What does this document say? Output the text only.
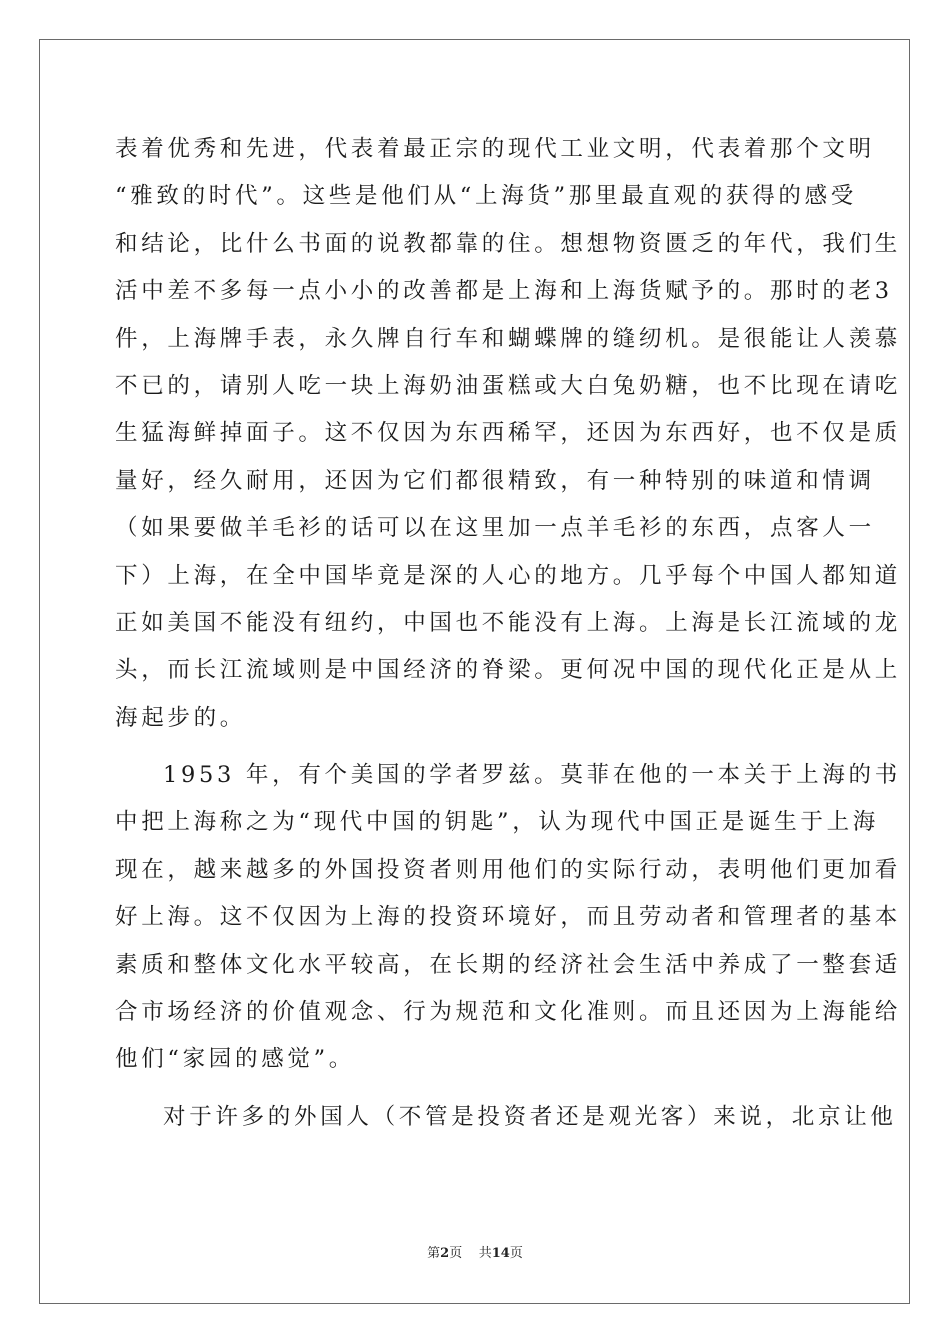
表着优秀和先进，代表着最正宗的现代工业文明，代表着那个文明
“雅致的时代”。这些是他们从“上海货”那里最直观的获得的感受
和结论，比什么书面的说教都靠的住。想想物资匮乏的年代，我们生
活中差不多每一点小小的改善都是上海和上海货赋予的。那时的老3
件，上海牌手表，永久牌自行车和蝴蝶牌的缝纫机。是很能让人羡慕
不已的，请别人吃一块上海奶油蛋糕或大白兔奶糖，也不比现在请吃
生猛海鲜掉面子。这不仅因为东西稀罕，还因为东西好，也不仅是质
量好，经久耐用，还因为它们都很精致，有一种特别的味道和情调
（如果要做羊毛衫的话可以在这里加一点羊毛衫的东西，点客人一
下）上海，在全中国毕竟是深的人心的地方。几乎每个中国人都知道
正如美国不能没有纽约，中国也不能没有上海。上海是长江流域的龙
头，而长江流域则是中国经济的脊梁。更何况中国的现代化正是从上
海起步的。
1953 年，有个美国的学者罗兹。莫菲在他的一本关于上海的书
中把上海称之为“现代中国的钥匙”，认为现代中国正是诞生于上海
现在，越来越多的外国投资者则用他们的实际行动，表明他们更加看
好上海。这不仅因为上海的投资环境好，而且劳动者和管理者的基本
素质和整体文化水平较高，在长期的经济社会生活中养成了一整套适
合市场经济的价值观念、行为规范和文化准则。而且还因为上海能给
他们“家园的感觉”。
对于许多的外国人（不管是投资者还是观光客）来说，北京让他
第2页 共14页
